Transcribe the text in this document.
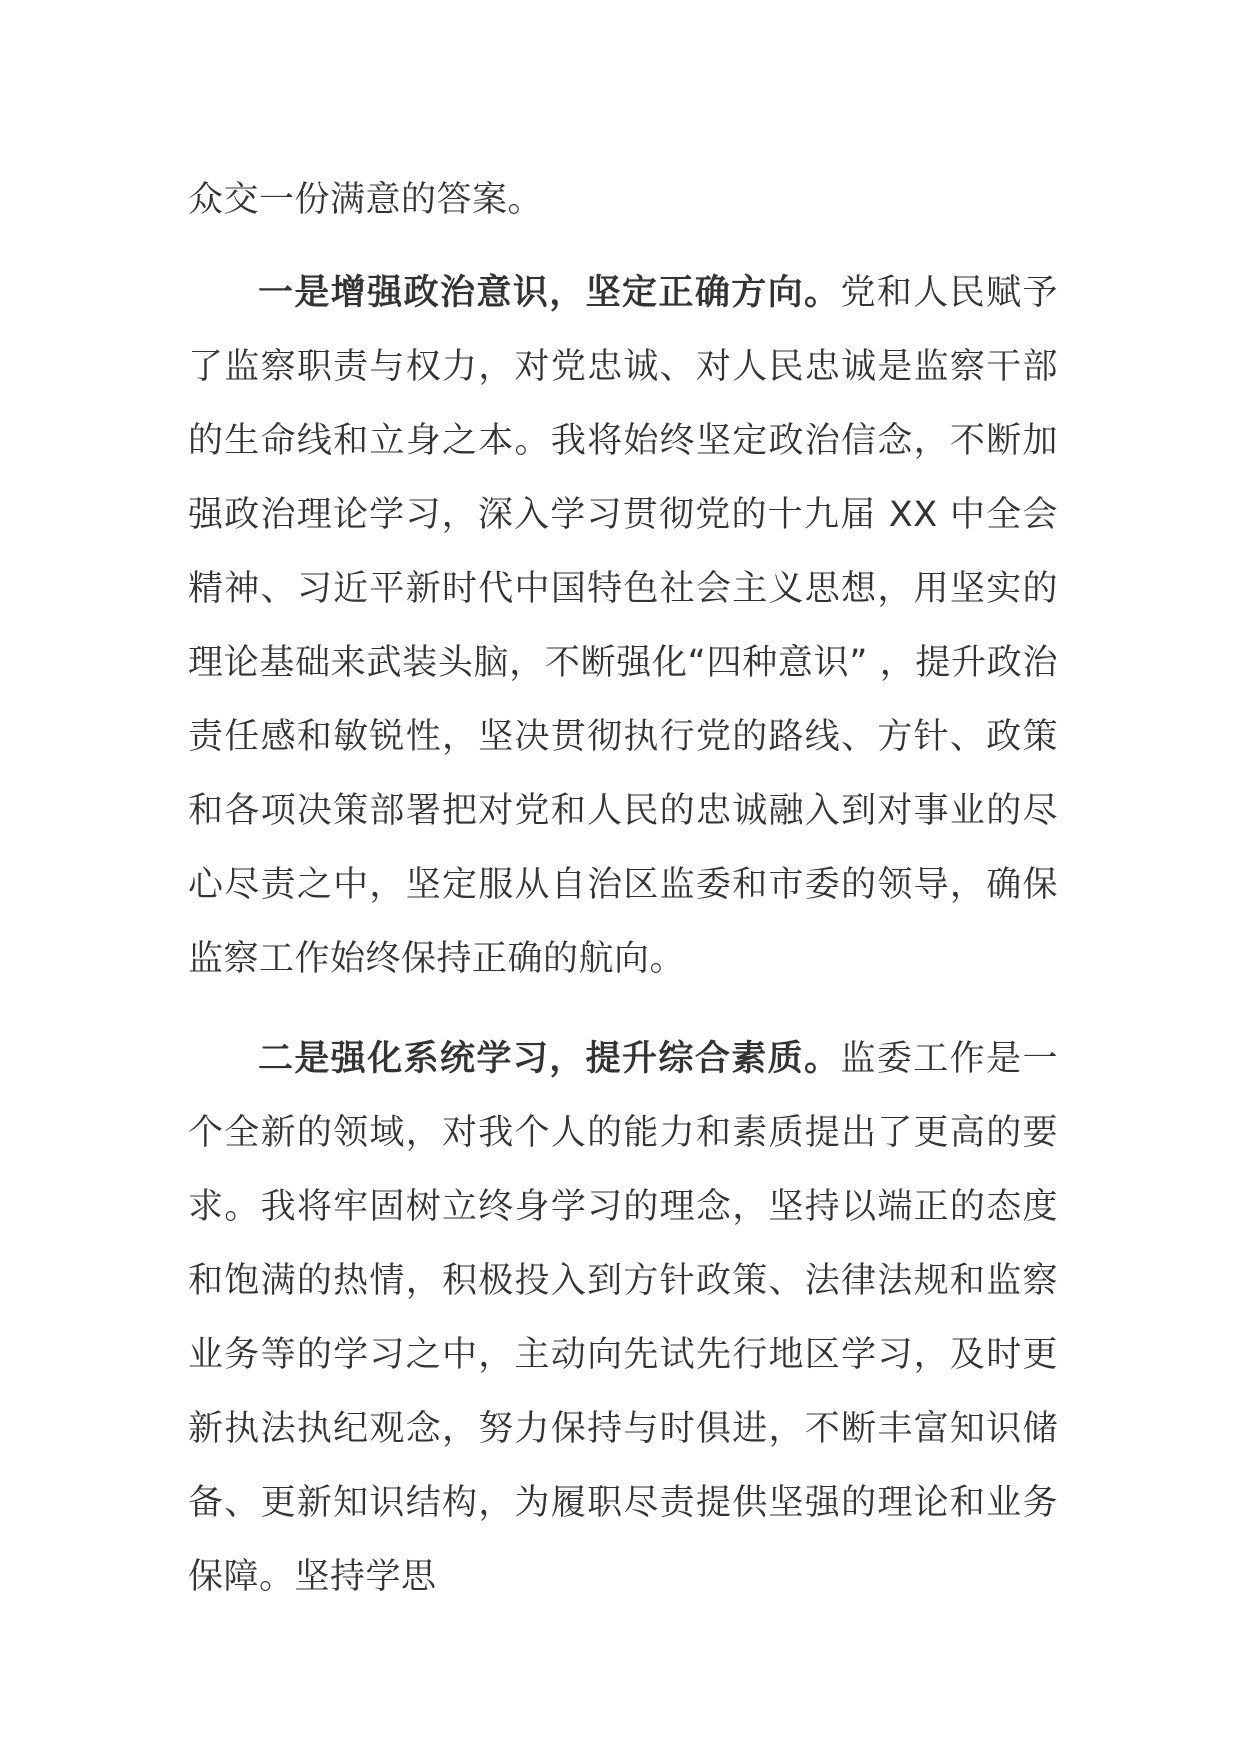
众交一份满意的答案。
一是增强政治意识，坚定正确方向。党和人民赋予了监察职责与权力，对党忠诚、对人民忠诚是监察干部的生命线和立身之本。我将始终坚定政治信念，不断加强政治理论学习，深入学习贯彻党的十九届 XX 中全会精神、习近平新时代中国特色社会主义思想，用坚实的理论基础来武装头脑，不断强化“四种意识” ，提升政治责任感和敏锐性，坚决贯彻执行党的路线、方针、政策和各项决策部署把对党和人民的忠诚融入到对事业的尽心尽责之中，坚定服从自治区监委和市委的领导，确保监察工作始终保持正确的航向。
二是强化系统学习，提升综合素质。监委工作是一个全新的领域，对我个人的能力和素质提出了更高的要求。我将牢固树立终身学习的理念，坚持以端正的态度和饱满的热情，积极投入到方针政策、法律法规和监察业务等的学习之中，主动向先试先行地区学习，及时更新执法执纪观念，努力保持与时俱进，不断丰富知识储备、更新知识结构，为履职尽责提供坚强的理论和业务保障。坚持学思
